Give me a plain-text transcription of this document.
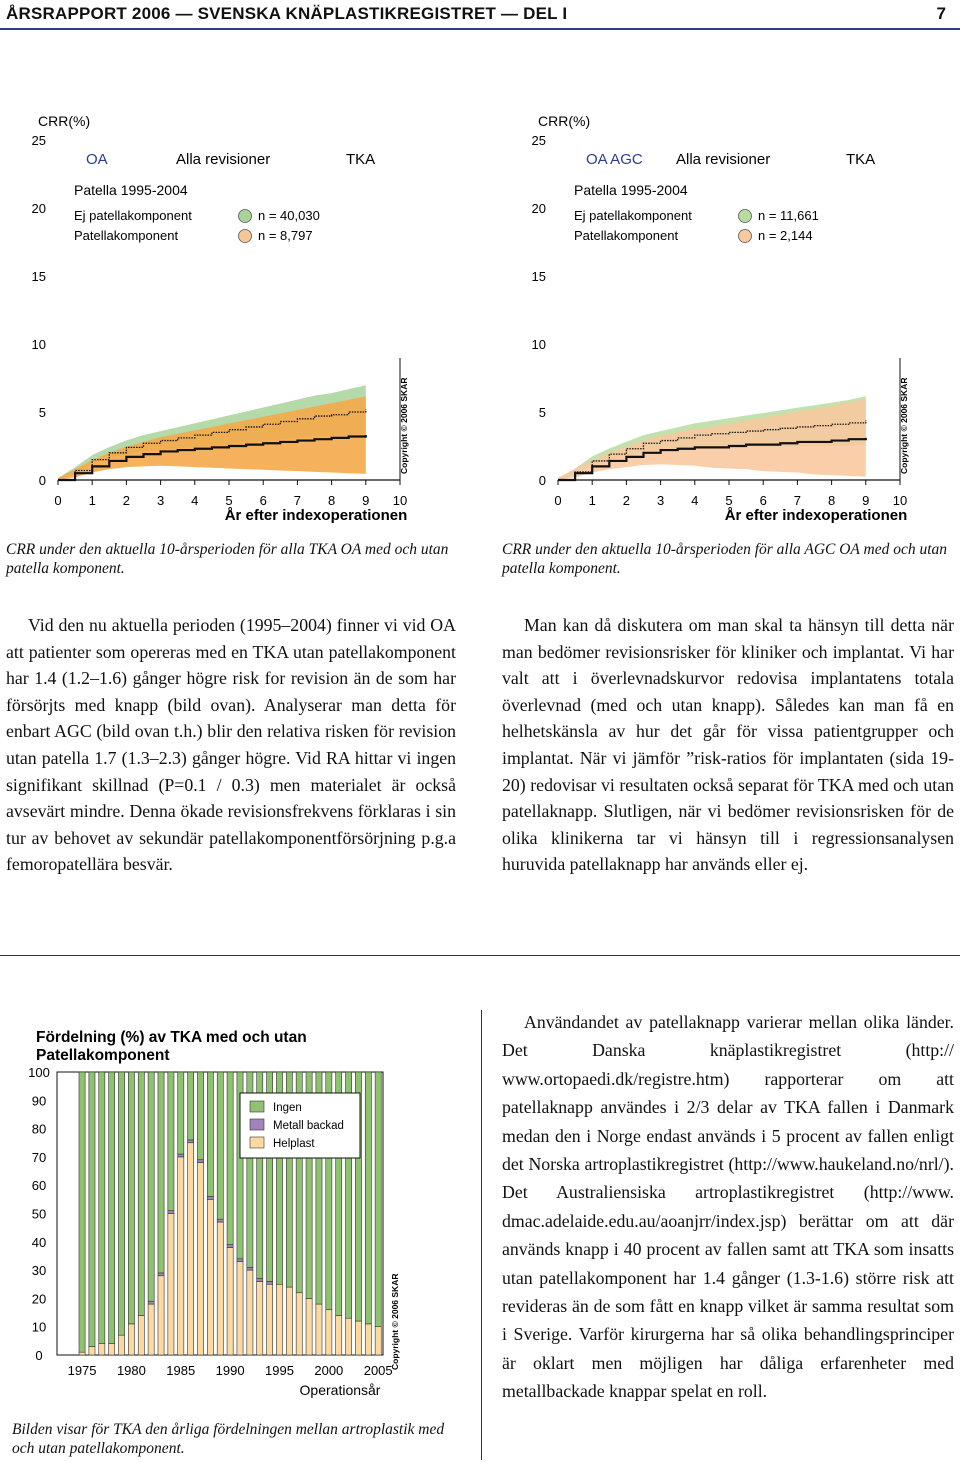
ÅRSRAPPORT 2006 — SVENSKA KNÄPLASTIKREGISTRET — DEL I	7
CRR(%)
0
5
10
15
20
25
0 1 2 3 4 5 6 7 8 9 10
År efter indexoperationen
OA	Alla revisioner	TKA
Patella 1995-2004
Ej patellakomponent	n = 40,030
Patellakomponent	n = 8,797
Copyright © 2006 SKAR
CRR under den aktuella 10-årsperioden för alla TKA OA med och utan patella komponent.
CRR(%)
0
5
10
15
20
25
0 1 2 3 4 5 6 7 8 9 10
År efter indexoperationen
OA AGC Alla revisioner	TKA
Patella 1995-2004
Ej patellakomponent	n = 11,661
Patellakomponent	n = 2,144
Copyright © 2006 SKAR
CRR under den aktuella 10-årsperioden för alla AGC OA med och utan patella komponent.

Vid den nu aktuella perioden (1995–2004) finner vi vid OA att patienter som opereras med en TKA utan patellakomponent har 1.4 (1.2–1.6) gånger högre risk for revision än de som har försörjts med knapp (bild ovan). Analyserar man detta för enbart AGC (bild ovan t.h.) blir den relativa risken för revision utan patella 1.7 (1.3–2.3) gånger högre. Vid RA hittar vi ingen signifikant skillnad (P=0.1 / 0.3) men materialet är också avsevärt mindre. Denna ökade revisionsfrekvens förklaras i sin tur av behovet av sekundär patellakomponentförsörjning p.g.a femoropatellära besvär.

Man kan då diskutera om man skal ta hänsyn till detta när man bedömer revisionsrisker för kliniker och implantat. Vi har valt att i överlevnadskurvor redovisa implantatens totala överlevnad (med och utan knapp). Således kan man få en helhetskänsla av hur det går för vissa patientgrupper och implantat. När vi jämför ”risk-ratios för implantaten (sida 19-20) redovisar vi resultaten också separat för TKA med och utan patellaknapp. Slutligen, när vi bedömer revisionsrisken för de olika klinikerna tar vi hänsyn till i regressionsanalysen huruvida patellaknapp har används eller ej.

Fördelning (%) av TKA med och utan
Patellakomponent
0
10
20
30
40
50
60
70
80
90
100
1975 1980 1985 1990 1995 2000 2005
Operationsår
Ingen
Metall backad
Helplast
Copyright © 2006 SKAR
Bilden visar för TKA den årliga fördelningen mellan artroplastik med och utan patellakomponent.

Användandet av patellaknapp varierar mellan olika länder. Det Danska knäplastikregistret (http:// www.ortopaedi.dk/registre.htm) rapporterar om att patellaknapp användes i 2/3 delar av TKA fallen i Danmark medan den i Norge endast används i 5 procent av fallen enligt det Norska artroplastikregistret (http://www.haukeland.no/nrl/). Det Australiensiska artroplastikregistret (http://www. dmac.adelaide.edu.au/aoanjrr/index.jsp) berättar om att där används knapp i 40 procent av fallen samt att TKA som insatts utan patellakomponent har 1.4 gånger (1.3-1.6) större risk att revideras än de som fått en knapp vilket är samma resultat som i Sverige. Varför kirurgerna har så olika behandlingsprinciper är oklart men möjligen har dåliga erfarenheter med metallbackade knappar spelat en roll.
